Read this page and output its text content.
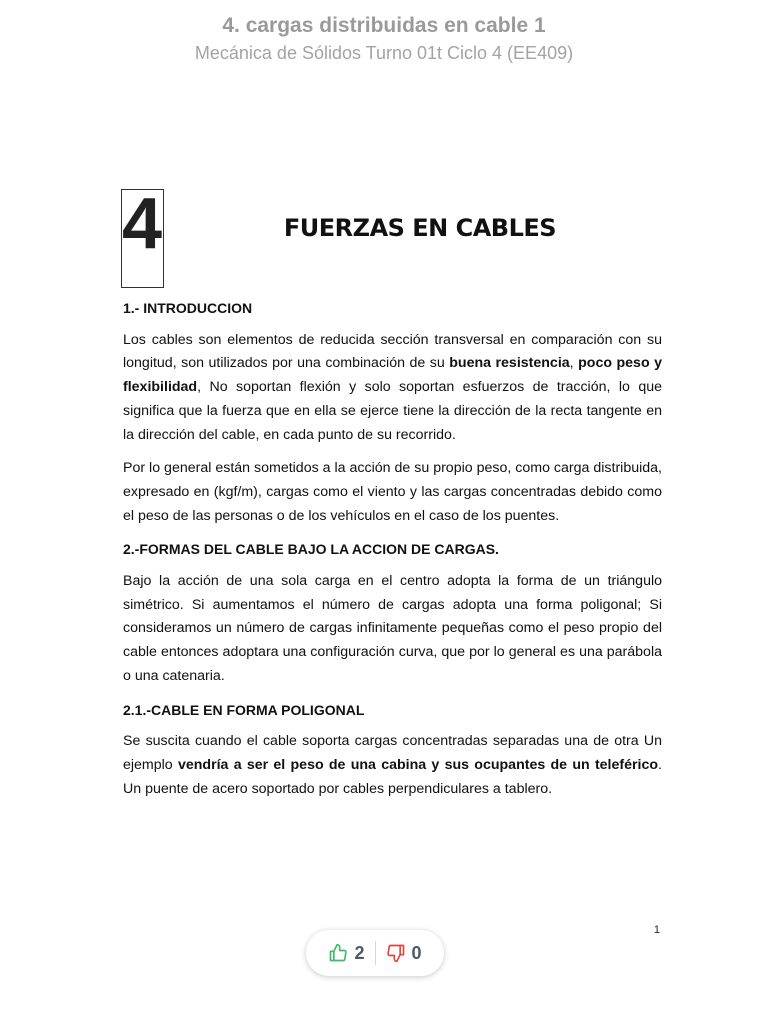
4. cargas distribuidas en cable 1
Mecánica de Sólidos Turno 01t Ciclo 4 (EE409)
4	FUERZAS EN CABLES
1.- INTRODUCCION

Los cables son elementos de reducida sección transversal en comparación con su longitud, son utilizados por una combinación de su buena resistencia, poco peso y flexibilidad, No soportan flexión y solo soportan esfuerzos de tracción, lo que significa que la fuerza que en ella se ejerce tiene la dirección de la recta tangente en la dirección del cable, en cada punto de su recorrido.

Por lo general están sometidos a la acción de su propio peso, como carga distribuida, expresado en (kgf/m), cargas como el viento y las cargas concentradas debido como el peso de las personas o de los vehículos en el caso de los puentes.

2.-FORMAS DEL CABLE BAJO LA ACCION DE CARGAS.

Bajo la acción de una sola carga en el centro adopta la forma de un triángulo simétrico. Si aumentamos el número de cargas adopta una forma poligonal; Si consideramos un número de cargas infinitamente pequeñas como el peso propio del cable entonces adoptara una configuración curva, que por lo general es una parábola o una catenaria.

2.1.-CABLE EN FORMA POLIGONAL

Se suscita cuando el cable soporta cargas concentradas separadas una de otra Un ejemplo vendría a ser el peso de una cabina y sus ocupantes de un teleférico. Un puente de acero soportado por cables perpendiculares a tablero.

1
2	0
